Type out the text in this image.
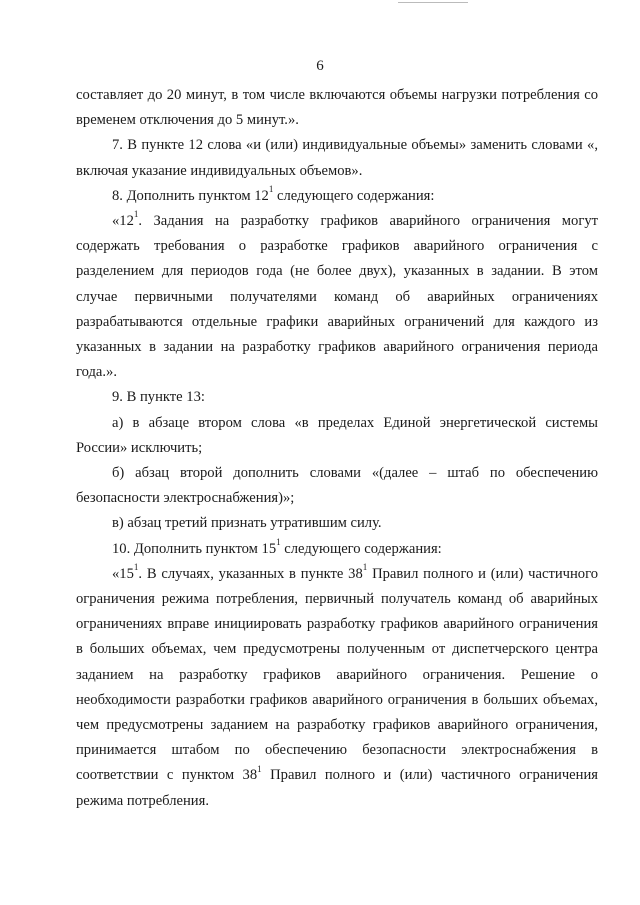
6

составляет до 20 минут, в том числе включаются объемы нагрузки потребления со временем отключения до 5 минут.».

7. В пункте 12 слова «и (или) индивидуальные объемы» заменить словами «, включая указание индивидуальных объемов».

8. Дополнить пунктом $12^1$ следующего содержания:

«$12^1$. Задания на разработку графиков аварийного ограничения могут содержать требования о разработке графиков аварийного ограничения с разделением для периодов года (не более двух), указанных в задании. В этом случае первичными получателями команд об аварийных ограничениях разрабатываются отдельные графики аварийных ограничений для каждого из указанных в задании на разработку графиков аварийного ограничения периода года.».

9. В пункте 13:

а) в абзаце втором слова «в пределах Единой энергетической системы России» исключить;

б) абзац второй дополнить словами «(далее – штаб по обеспечению безопасности электроснабжения)»;

в) абзац третий признать утратившим силу.

10. Дополнить пунктом $15^1$ следующего содержания:

«$15^1$. В случаях, указанных в пункте $38^1$ Правил полного и (или) частичного ограничения режима потребления, первичный получатель команд об аварийных ограничениях вправе инициировать разработку графиков аварийного ограничения в больших объемах, чем предусмотрены полученным от диспетчерского центра заданием на разработку графиков аварийного ограничения. Решение о необходимости разработки графиков аварийного ограничения в больших объемах, чем предусмотрены заданием на разработку графиков аварийного ограничения, принимается штабом по обеспечению безопасности электроснабжения в соответствии с пунктом $38^1$ Правил полного и (или) частичного ограничения режима потребления.
